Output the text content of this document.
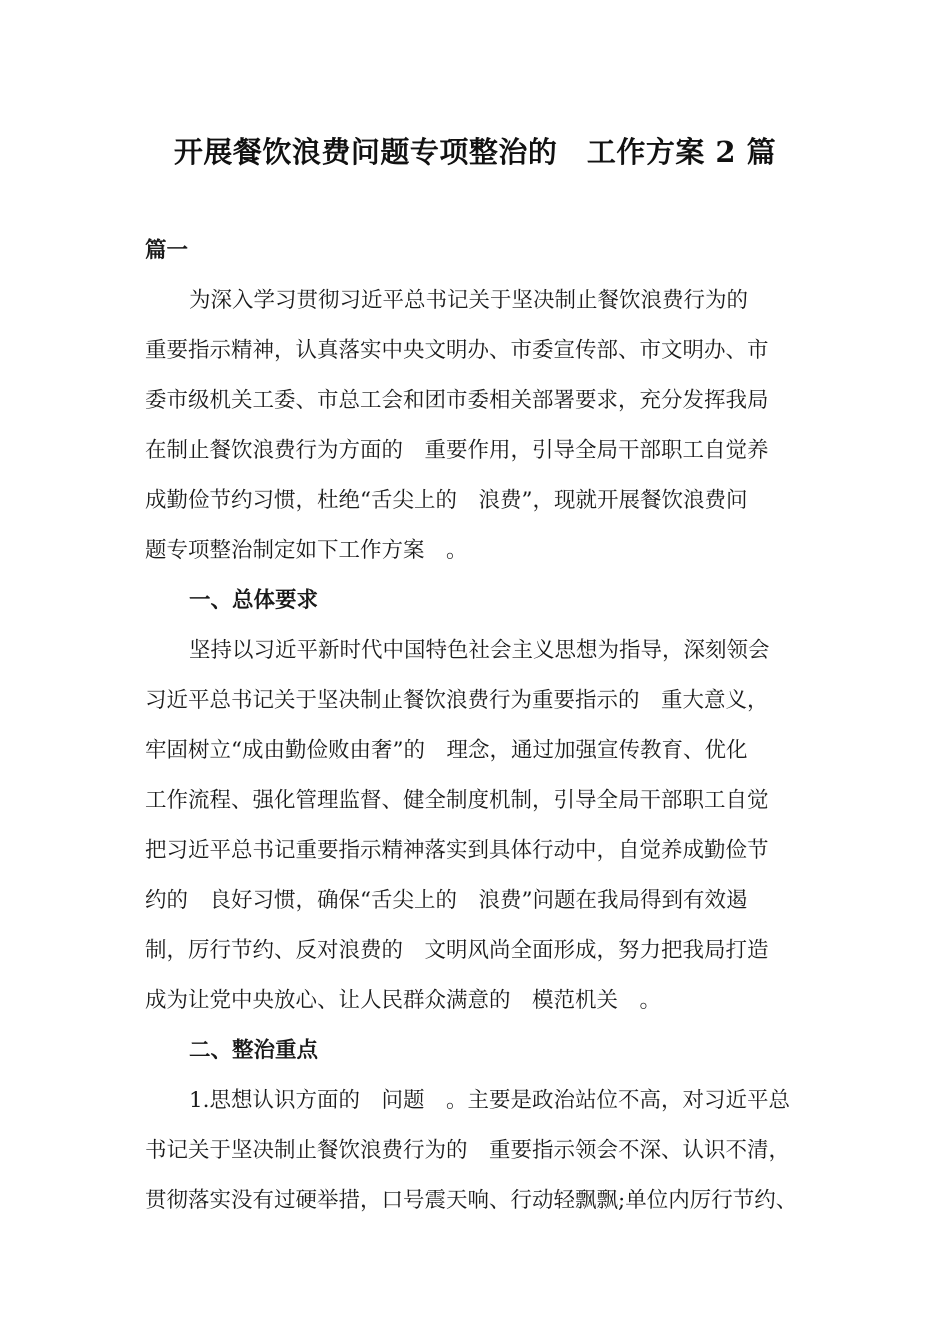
开展餐饮浪费问题专项整治的　工作方案 2 篇
篇一
为深入学习贯彻习近平总书记关于坚决制止餐饮浪费行为的
重要指示精神，认真落实中央文明办、市委宣传部、市文明办、市
委市级机关工委、市总工会和团市委相关部署要求，充分发挥我局
在制止餐饮浪费行为方面的　重要作用，引导全局干部职工自觉养
成勤俭节约习惯，杜绝“舌尖上的　浪费”，现就开展餐饮浪费问
题专项整治制定如下工作方案　。
一、总体要求
坚持以习近平新时代中国特色社会主义思想为指导，深刻领会
习近平总书记关于坚决制止餐饮浪费行为重要指示的　重大意义，
牢固树立“成由勤俭败由奢”的　理念，通过加强宣传教育、优化
工作流程、强化管理监督、健全制度机制，引导全局干部职工自觉
把习近平总书记重要指示精神落实到具体行动中，自觉养成勤俭节
约的　良好习惯，确保“舌尖上的　浪费”问题在我局得到有效遏
制，厉行节约、反对浪费的　文明风尚全面形成，努力把我局打造
成为让党中央放心、让人民群众满意的　模范机关　。
二、整治重点
1.思想认识方面的　问题　。主要是政治站位不高，对习近平总
书记关于坚决制止餐饮浪费行为的　重要指示领会不深、认识不清，
贯彻落实没有过硬举措，口号震天响、行动轻飘飘;单位内厉行节约、
